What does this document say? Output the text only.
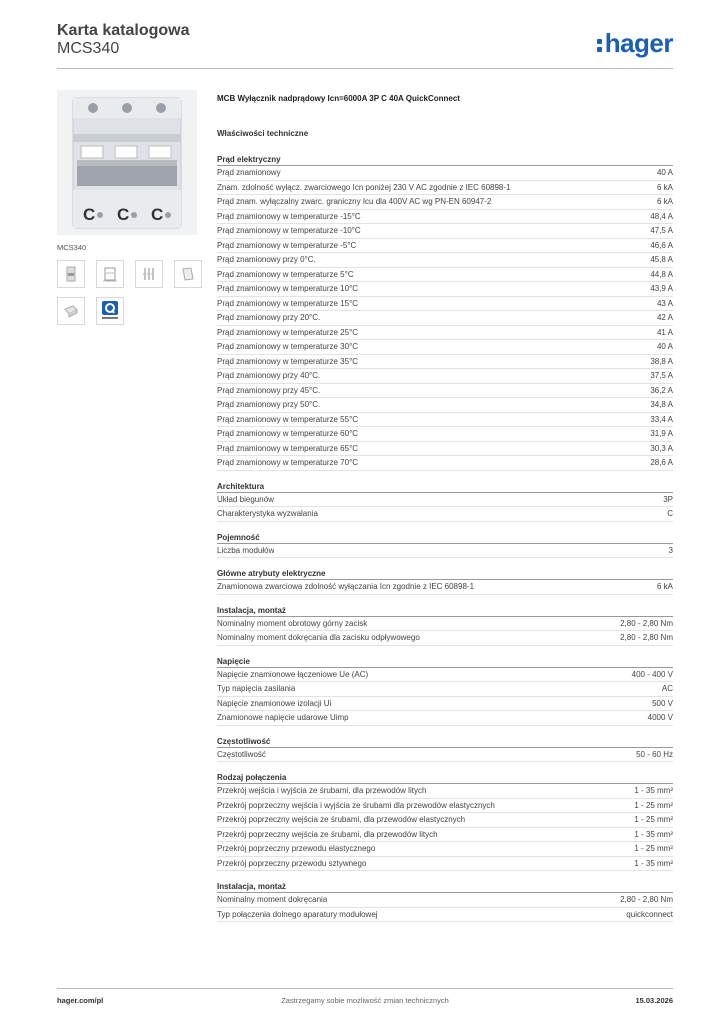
Karta katalogowa
MCS340	hager
C C C
MCS340
MCB Wyłącznik nadprądowy Icn=6000A 3P C 40A QuickConnect
Właściwości techniczne
Prąd elektryczny
Prąd znamionowy	40 A
Znam. zdolność wyłącz. zwarciowego Icn poniżej 230 V AC zgodnie z IEC 60898-1	6 kA
Prąd znam. wyłączalny zwarc. graniczny Icu dla 400V AC wg PN-EN 60947-2	6 kA
Prąd znamionowy w temperaturze -15°C	48,4 A
Prąd znamionowy w temperaturze -10°C	47,5 A
Prąd znamionowy w temperaturze -5°C	46,6 A
Prąd znamionowy przy 0°C.	45,8 A
Prąd znamionowy w temperaturze 5°C	44,8 A
Prąd znamionowy w temperaturze 10°C	43,9 A
Prąd znamionowy w temperaturze 15°C	43 A
Prąd znamionowy przy 20°C.	42 A
Prąd znamionowy w temperaturze 25°C	41 A
Prąd znamionowy w temperaturze 30°C	40 A
Prąd znamionowy w temperaturze 35°C	38,8 A
Prąd znamionowy przy 40°C.	37,5 A
Prąd znamionowy przy 45°C.	36,2 A
Prąd znamionowy przy 50°C.	34,8 A
Prąd znamionowy w temperaturze 55°C	33,4 A
Prąd znamionowy w temperaturze 60°C	31,9 A
Prąd znamionowy w temperaturze 65°C	30,3 A
Prąd znamionowy w temperaturze 70°C	28,6 A
Architektura
Układ biegunów	3P
Charakterystyka wyzwalania	C
Pojemność
Liczba modułów	3
Główne atrybuty elektryczne
Znamionowa zwarciowa zdolność wyłączania Icn zgodnie z IEC 60898-1	6 kA
Instalacja, montaż
Nominalny moment obrotowy górny zacisk	2,80 - 2,80 Nm
Nominalny moment dokręcania dla zacisku odpływowego	2,80 - 2,80 Nm
Napięcie
Napięcie znamionowe łączeniowe Ue (AC)	400 - 400 V
Typ napięcia zasilania	AC
Napięcie znamionowe izolacji Ui	500 V
Znamionowe napięcie udarowe Uimp	4000 V
Częstotliwość
Częstotliwość	50 - 60 Hz
Rodzaj połączenia
Przekrój wejścia i wyjścia ze śrubami, dla przewodów litych	1 - 35 mm²
Przekrój poprzeczny wejścia i wyjścia ze śrubami dla przewodów elastycznych	1 - 25 mm²
Przekrój poprzeczny wejścia ze śrubami, dla przewodów elastycznych	1 - 25 mm²
Przekrój poprzeczny wejścia ze śrubami, dla przewodów litych	1 - 35 mm²
Przekrój poprzeczny przewodu elastycznego	1 - 25 mm²
Przekrój poprzeczny przewodu sztywnego	1 - 35 mm²
Instalacja, montaż
Nominalny moment dokręcania	2,80 - 2,80 Nm
Typ połączenia dolnego aparatury modułowej	quickconnect
hager.com/pl	Zastrzegamy sobie możliwość zmian technicznych	15.03.2026
